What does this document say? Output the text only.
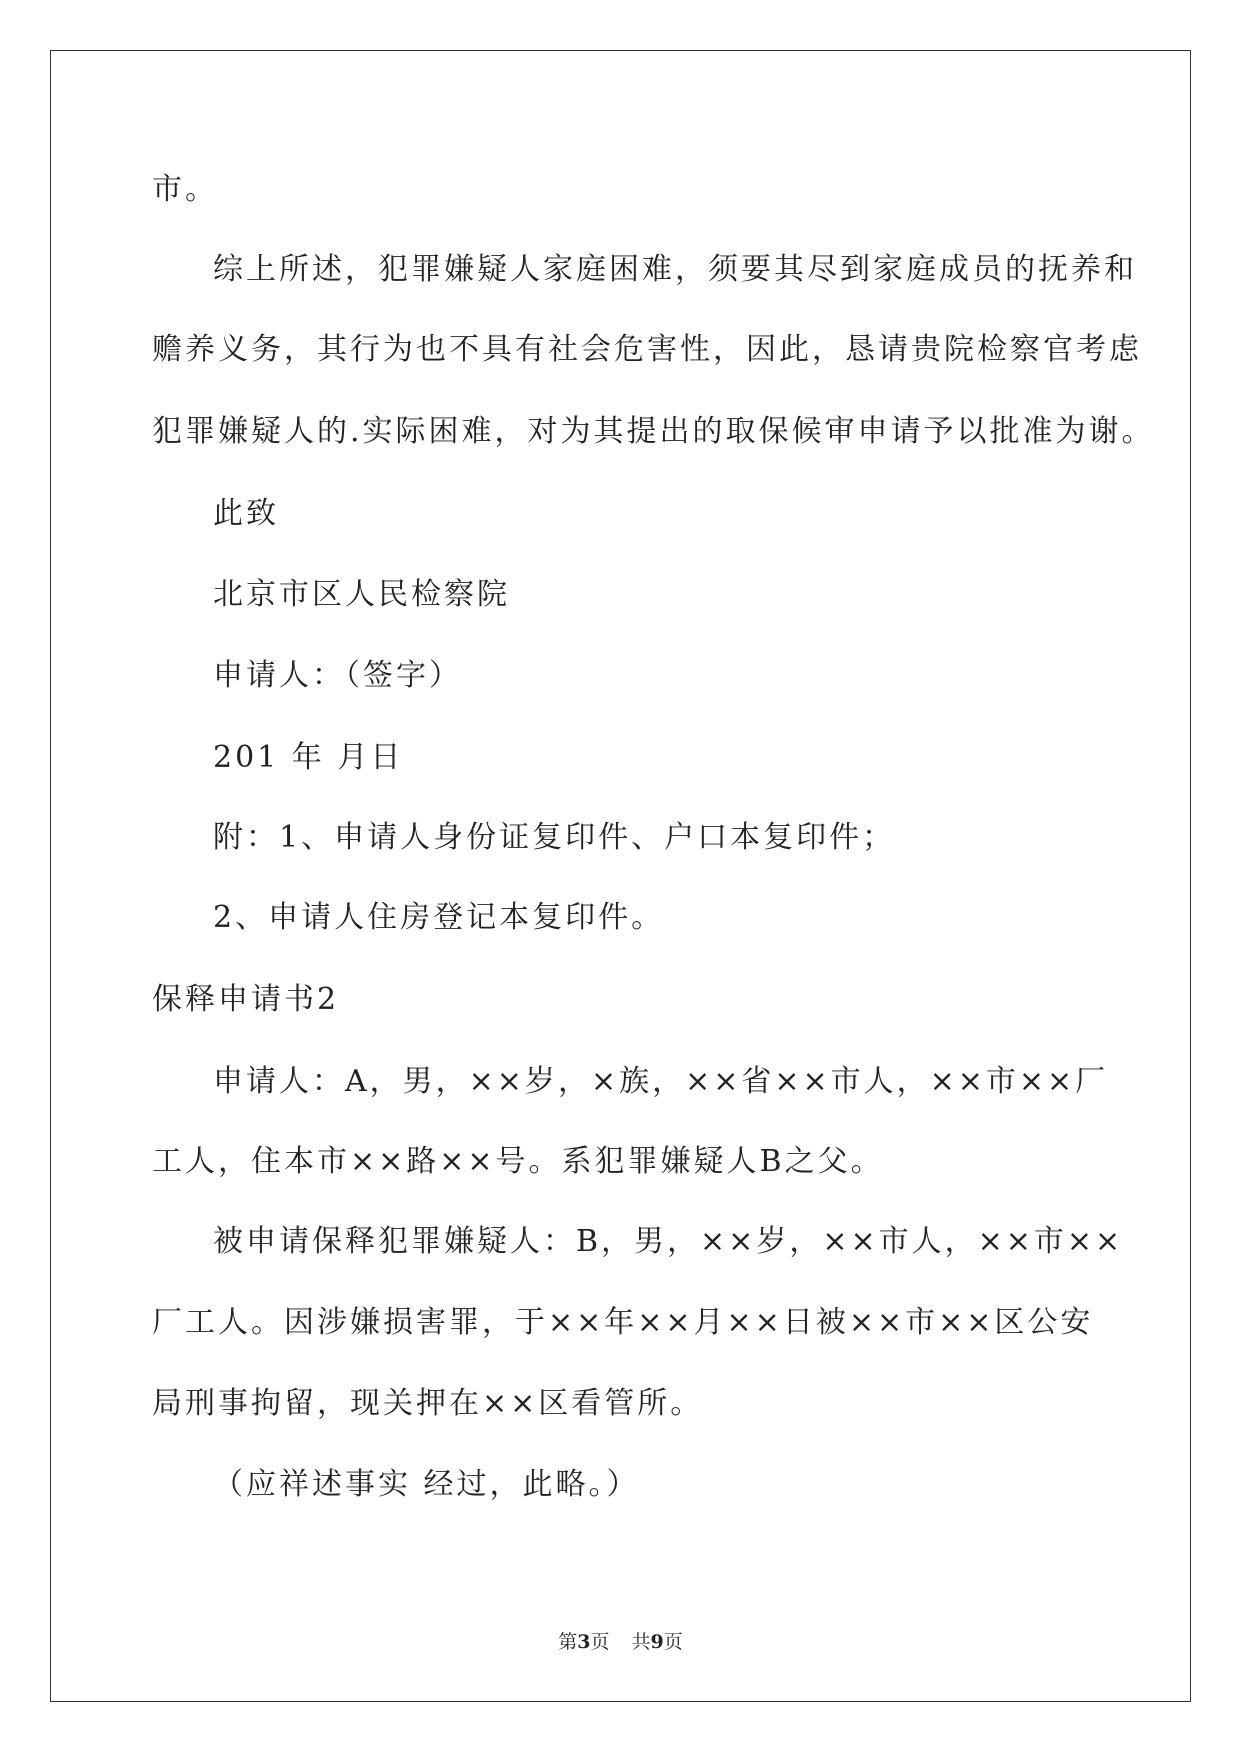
市。
综上所述，犯罪嫌疑人家庭困难，须要其尽到家庭成员的抚养和
赡养义务，其行为也不具有社会危害性，因此，恳请贵院检察官考虑
犯罪嫌疑人的.实际困难，对为其提出的取保候审申请予以批准为谢。
此致
北京市区人民检察院
申请人：（签字）
201 年 月日
附：1、申请人身份证复印件、户口本复印件；
2、申请人住房登记本复印件。
保释申请书2
申请人：A，男，××岁，×族，××省××市人，××市××厂
工人，住本市××路××号。系犯罪嫌疑人B之父。
被申请保释犯罪嫌疑人：B，男，××岁，××市人，××市××
厂工人。因涉嫌损害罪，于××年××月××日被××市××区公安
局刑事拘留，现关押在××区看管所。
（应祥述事实 经过，此略。）
第3页 共9页
